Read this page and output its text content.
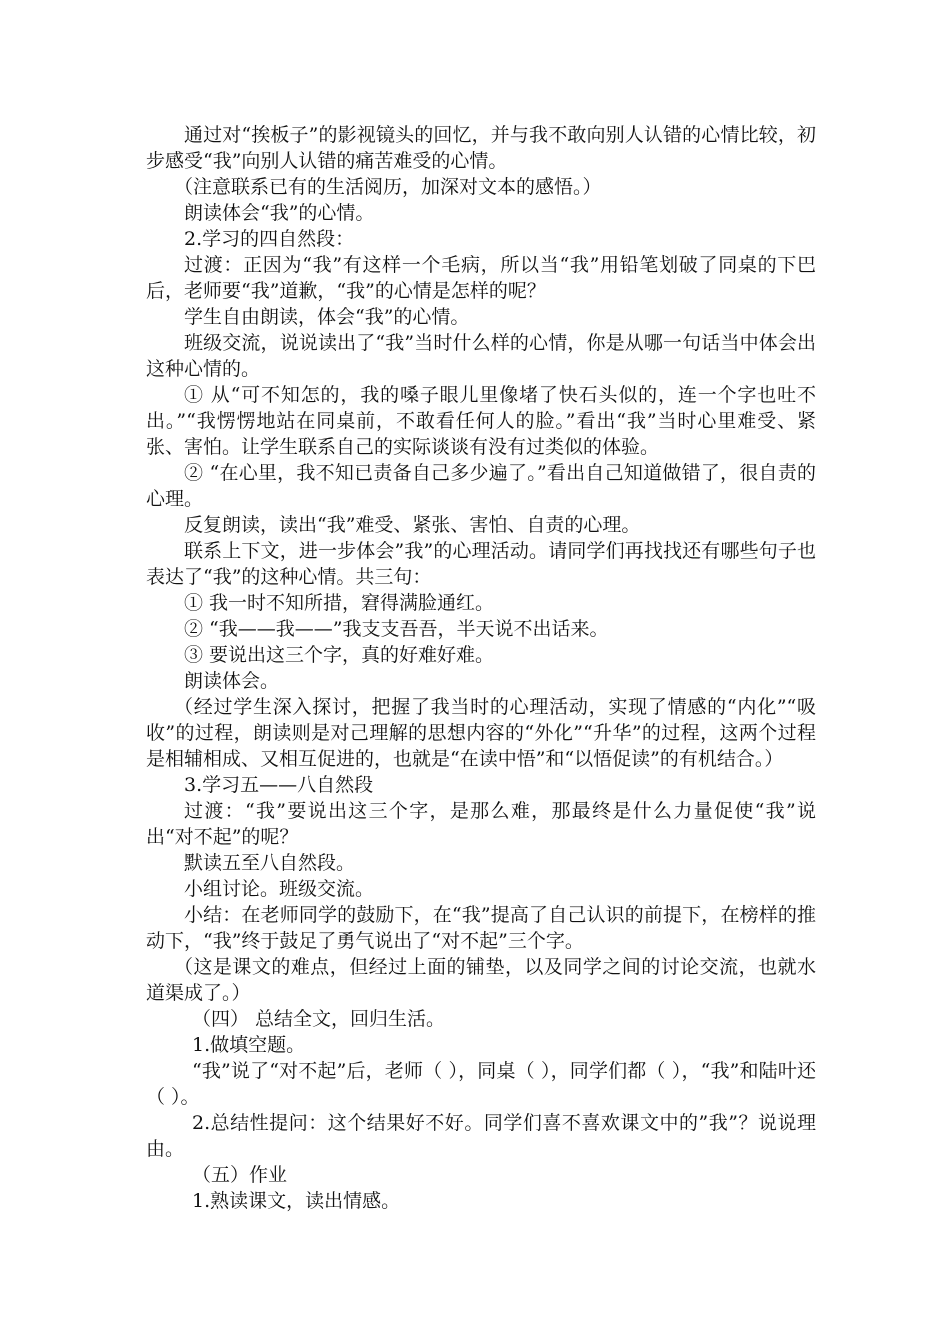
通过对“挨板子”的影视镜头的回忆，并与我不敢向别人认错的心情比较，初步感受“我”向别人认错的痛苦难受的心情。

（注意联系已有的生活阅历，加深对文本的感悟。）

朗读体会“我”的心情。

2.学习的四自然段：

过渡：正因为“我”有这样一个毛病，所以当“我”用铅笔划破了同桌的下巴后，老师要“我”道歉，“我”的心情是怎样的呢？

学生自由朗读，体会“我”的心情。

班级交流，说说读出了“我”当时什么样的心情，你是从哪一句话当中体会出这种心情的。

① 从“可不知怎的，我的嗓子眼儿里像堵了快石头似的，连一个字也吐不出。”“我愣愣地站在同桌前，不敢看任何人的脸。”看出“我”当时心里难受、紧张、害怕。让学生联系自己的实际谈谈有没有过类似的体验。

② “在心里，我不知已责备自己多少遍了。”看出自己知道做错了，很自责的心理。

反复朗读，读出“我”难受、紧张、害怕、自责的心理。

联系上下文，进一步体会”我”的心理活动。请同学们再找找还有哪些句子也表达了“我”的这种心情。共三句：

① 我一时不知所措，窘得满脸通红。

② “我——我——”我支支吾吾，半天说不出话来。

③ 要说出这三个字，真的好难好难。

朗读体会。

（经过学生深入探讨，把握了我当时的心理活动，实现了情感的“内化”“吸收”的过程，朗读则是对己理解的思想内容的“外化”“升华”的过程，这两个过程是相辅相成、又相互促进的，也就是“在读中悟”和“以悟促读”的有机结合。）

3.学习五——八自然段

过渡：“我”要说出这三个字，是那么难，那最终是什么力量促使“我”说出“对不起”的呢？

默读五至八自然段。

小组讨论。班级交流。

小结：在老师同学的鼓励下，在“我”提高了自己认识的前提下，在榜样的推动下，“我”终于鼓足了勇气说出了“对不起”三个字。

（这是课文的难点，但经过上面的铺垫，以及同学之间的讨论交流，也就水道渠成了。）

（四） 总结全文，回归生活。

1.做填空题。

“我”说了“对不起”后，老师（ ），同桌（ ），同学们都（ ），“我”和陆叶还（ ）。

2.总结性提问：这个结果好不好。同学们喜不喜欢课文中的”我”？说说理由。

（五）作业

1.熟读课文，读出情感。
